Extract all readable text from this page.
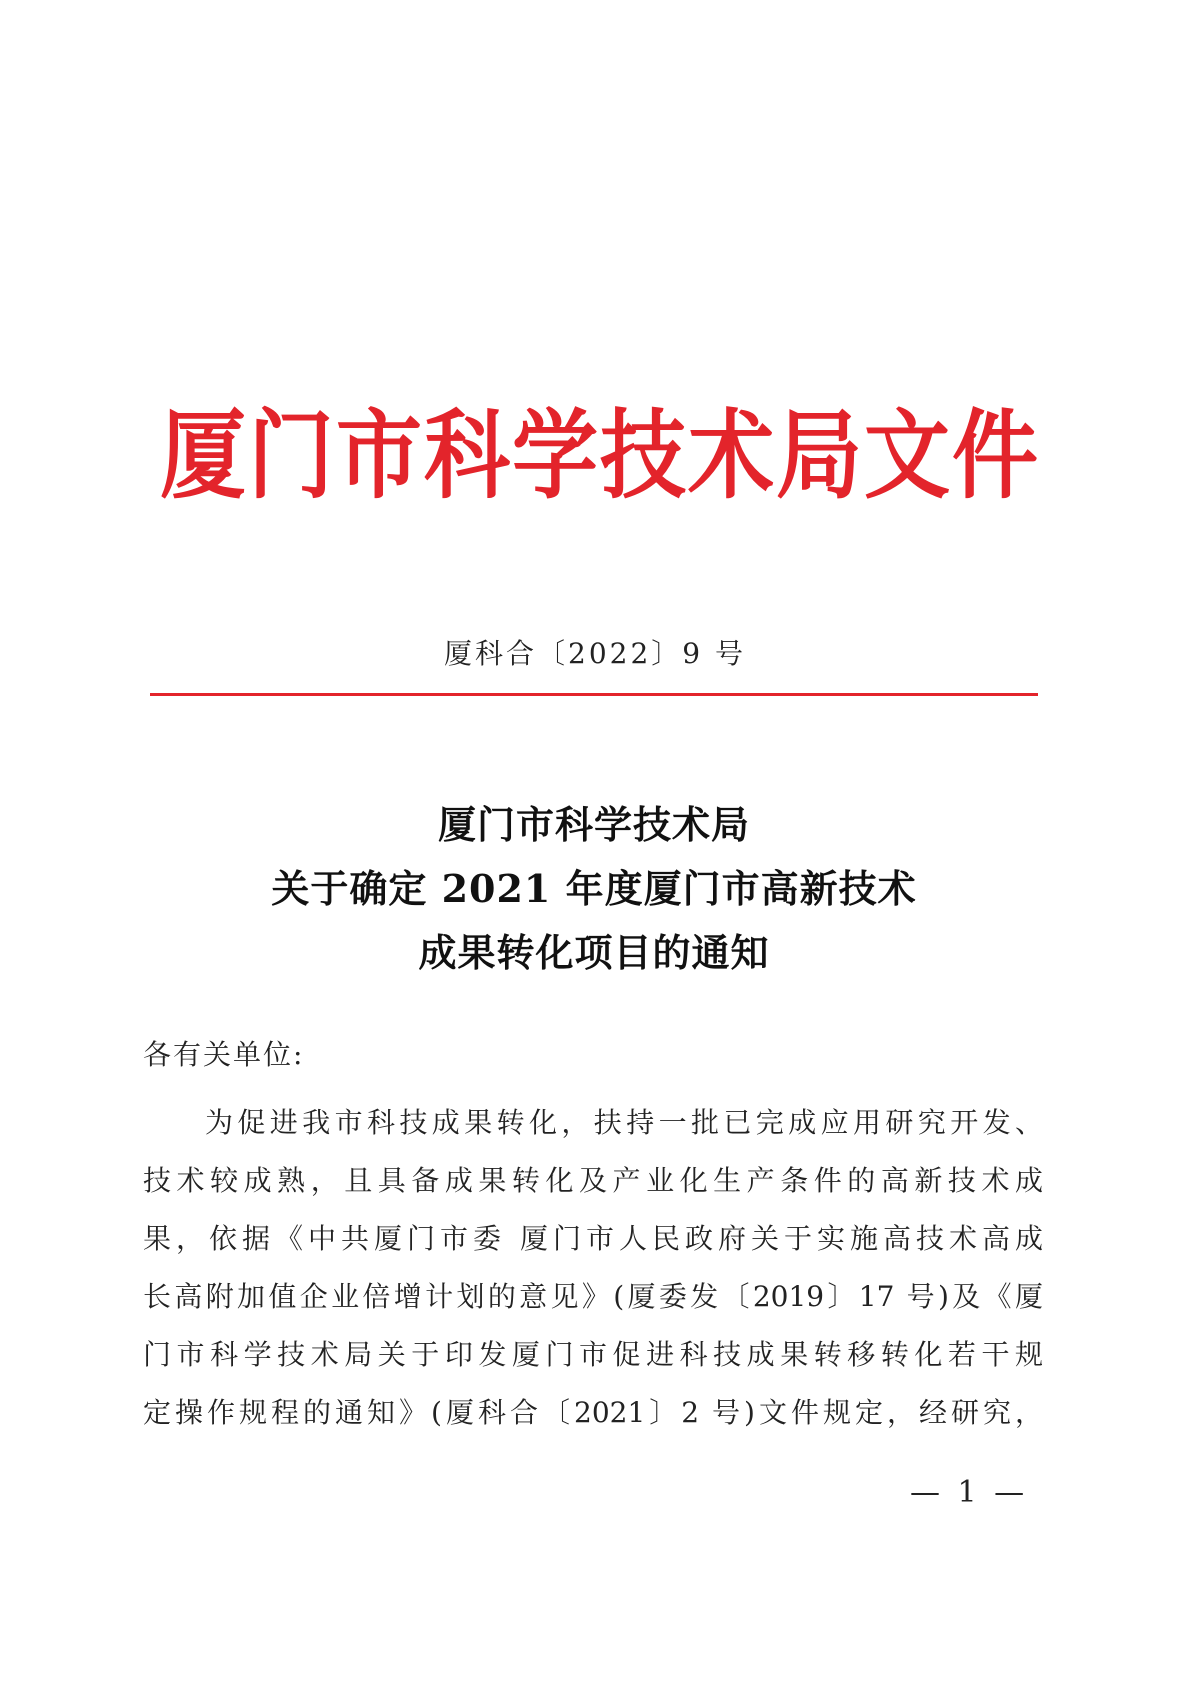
厦门市科学技术局文件
厦科合〔2022〕9 号
厦门市科学技术局
关于确定 2021 年度厦门市高新技术
成果转化项目的通知
各有关单位:
为促进我市科技成果转化，扶持一批已完成应用研究开发、
技术较成熟，且具备成果转化及产业化生产条件的高新技术成
果，依据《中共厦门市委 厦门市人民政府关于实施高技术高成
长高附加值企业倍增计划的意见》(厦委发〔2019〕17 号)及《厦
门市科学技术局关于印发厦门市促进科技成果转移转化若干规
定操作规程的通知》(厦科合〔2021〕2 号)文件规定，经研究，
— 1 —
